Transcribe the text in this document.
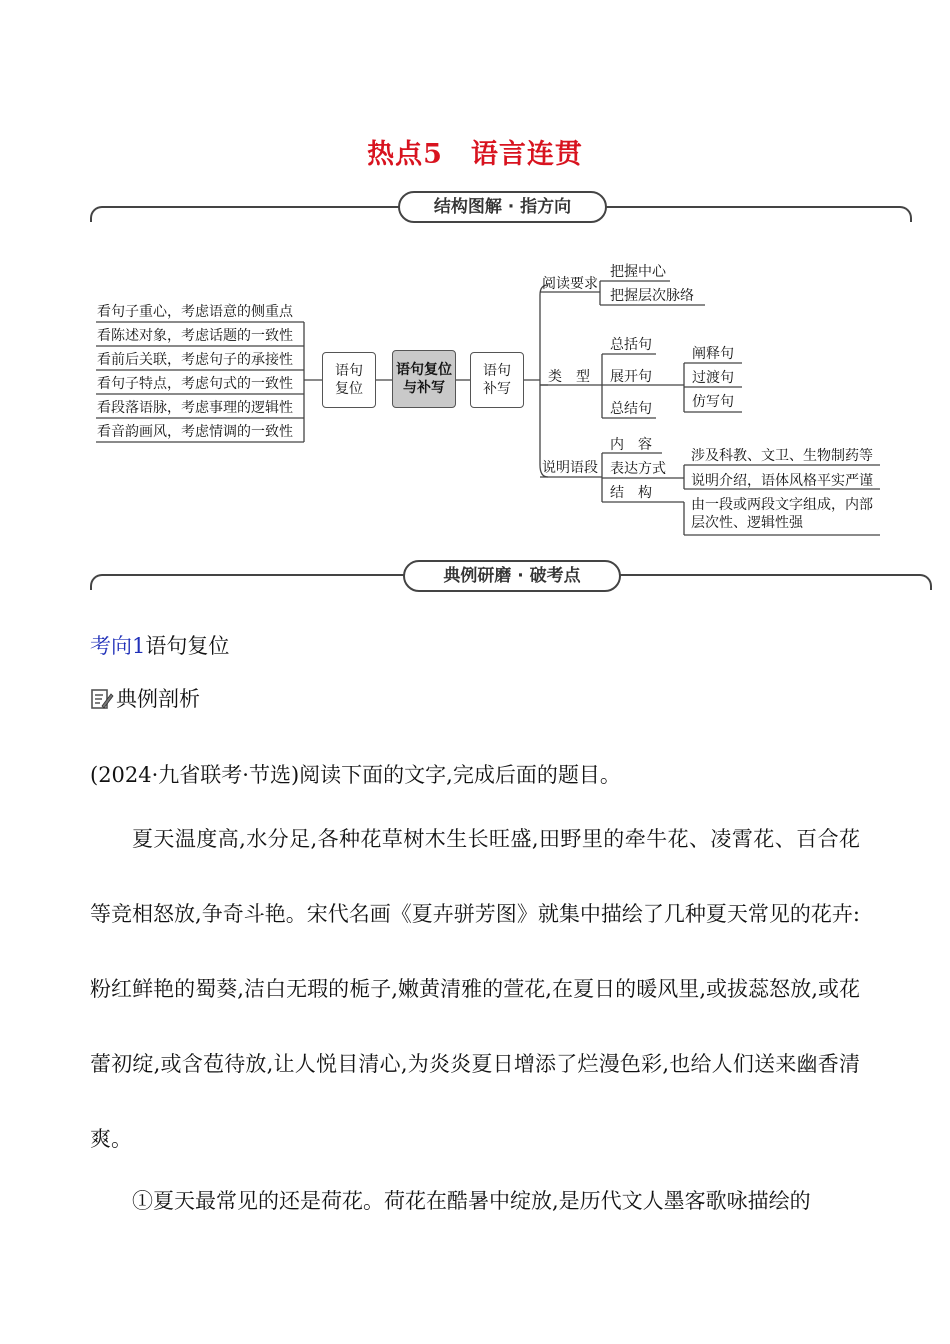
热点5　语言连贯
结构图解 · 指方向
看句子重心，考虑语意的侧重点
看陈述对象，考虑话题的一致性
看前后关联，考虑句子的承接性
看句子特点，考虑句式的一致性
看段落语脉，考虑事理的逻辑性
看音韵画风，考虑情调的一致性
语句复位
语句复位与补写
语句补写
阅读要求
把握中心
把握层次脉络
类　型
总括句
展开句
总结句
阐释句
过渡句
仿写句
说明语段
内　容
表达方式
结　构
涉及科教、文卫、生物制药等
说明介绍，语体风格平实严谨
由一段或两段文字组成，内部层次性、逻辑性强
典例研磨 · 破考点
考向1语句复位
典例剖析
(2024·九省联考·节选)阅读下面的文字,完成后面的题目。
夏天温度高,水分足,各种花草树木生长旺盛,田野里的牵牛花、凌霄花、百合花等竞相怒放,争奇斗艳。宋代名画《夏卉骈芳图》就集中描绘了几种夏天常见的花卉:粉红鲜艳的蜀葵,洁白无瑕的栀子,嫩黄清雅的萱花,在夏日的暖风里,或拔蕊怒放,或花蕾初绽,或含苞待放,让人悦目清心,为炎炎夏日增添了烂漫色彩,也给人们送来幽香清爽。
①夏天最常见的还是荷花。荷花在酷暑中绽放,是历代文人墨客歌咏描绘的
